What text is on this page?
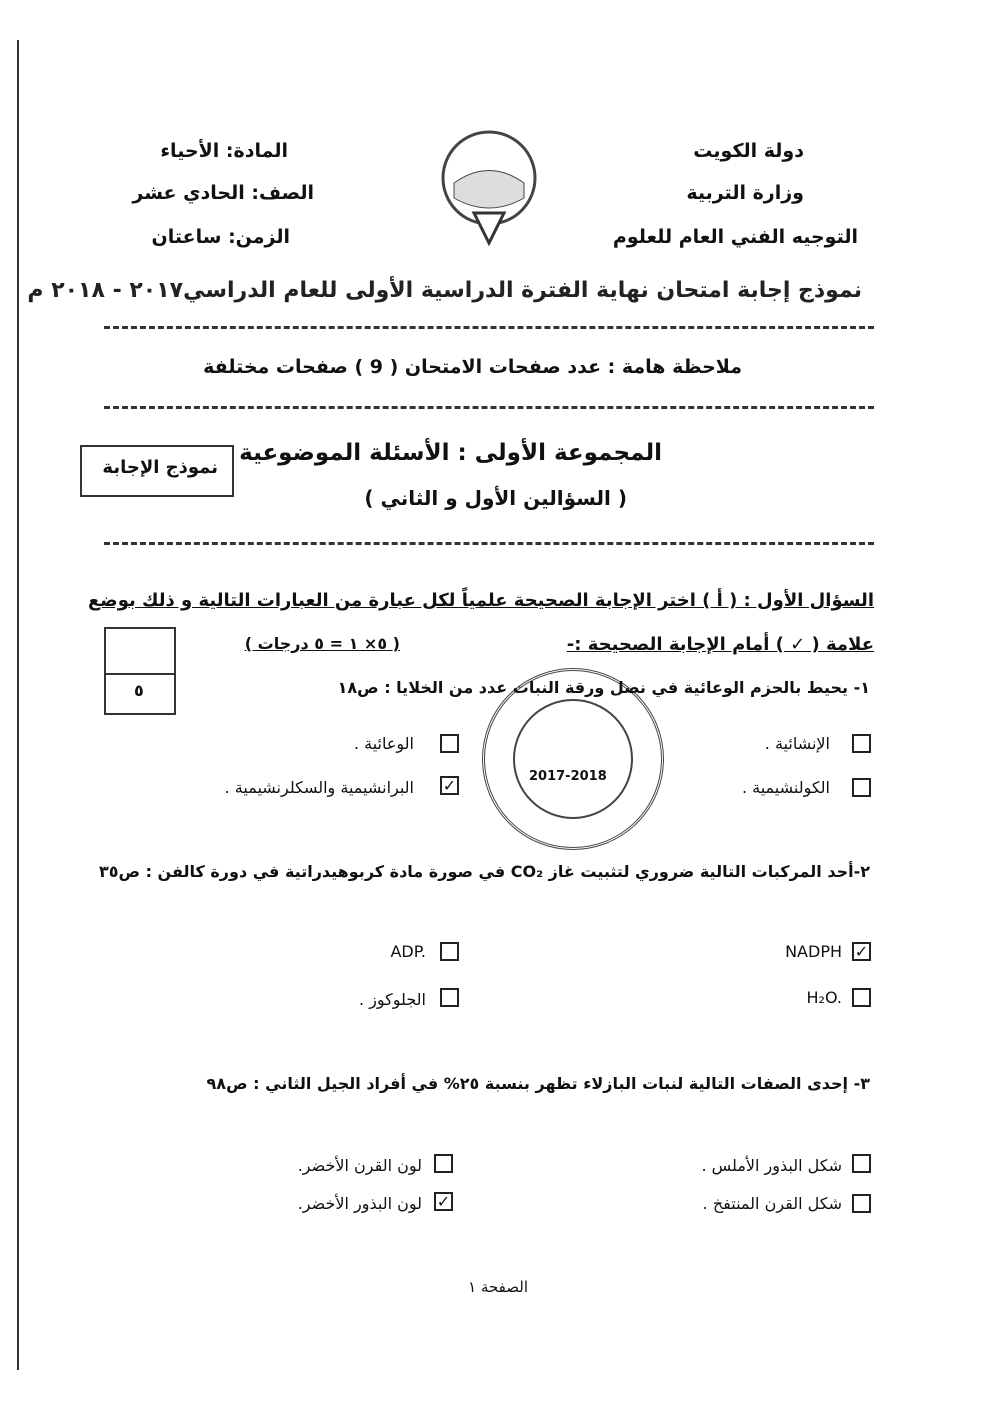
دولة الكويت
وزارة التربية
التوجيه الفني العام للعلوم
المادة: الأحياء
الصف: الحادي عشر
الزمن: ساعتان
نموذج إجابة امتحان نهاية الفترة الدراسية الأولى للعام الدراسي٢٠١٧ - ٢٠١٨ م
ملاحظة هامة : عدد صفحات الامتحان ( 9 ) صفحات مختلفة
المجموعة الأولى : الأسئلة الموضوعية
( السؤالين الأول و الثاني )
نموذج الإجابة
السؤال الأول : ( أ ) اختر الإجابة الصحيحة علمياً لكل عبارة من العبارات التالية و ذلك بوضع
علامة ( ✓ ) أمام الإجابة الصحيحة :-
( ٥× ١ = ٥ درجات )
٥
2017-2018
١- يحيط بالحزم الوعائية في نصل ورقة النبات عدد من الخلايا : ص١٨
الإنشائية .
الوعائية .
الكولنشيمية .
✓
البرانشيمية والسكلرنشيمية .
٢-أحد المركبات التالية ضروري لتثبيت غاز CO₂ في صورة مادة كربوهيدراتية في دورة كالفن : ص٣٥
✓
NADPH
ADP.
H₂O.
الجلوكوز .
٣- إحدى الصفات التالية لنبات البازلاء تظهر بنسبة ٢٥% في أفراد الجيل الثاني : ص٩٨
شكل البذور الأملس .
لون القرن الأخضر.
شكل القرن المنتفخ .
✓
لون البذور الأخضر.
الصفحة ١
